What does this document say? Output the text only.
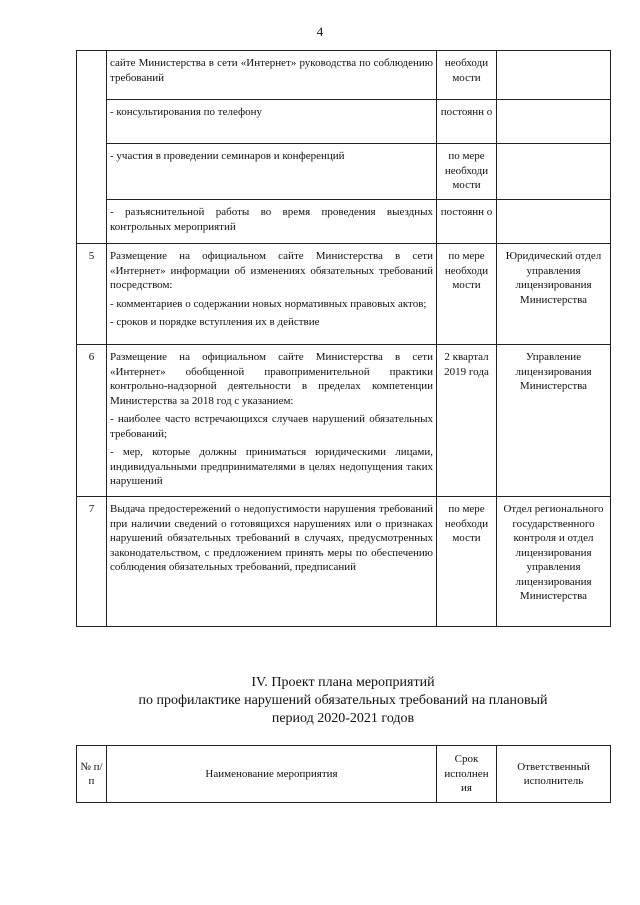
4

	сайте Министерства в сети «Интернет» руководства по соблюдению требований	необходи мости	

	- консультирования по телефону	постоянн о	

	- участия в проведении семинаров и конференций	по мере необходи мости	

	- разъяснительной работы во время проведения выездных контрольных мероприятий	постоянн о	
5	Размещение на официальном сайте Министерства в сети «Интернет» информации об изменениях обязательных требований посредством:

- комментариев о содержании новых нормативных правовых актов;

- сроков и порядке вступления их в действие	по мере необходи мости	Юридический отдел управления лицензирования Министерства
6	Размещение на официальном сайте Министерства в сети «Интернет» обобщенной правоприменительной практики контрольно-надзорной деятельности в пределах компетенции Министерства за 2018 год с указанием:

- наиболее часто встречающихся случаев нарушений обязательных требований;

- мер, которые должны приниматься юридическими лицами, индивидуальными предпринимателями в целях недопущения таких нарушений	2 квартал 2019 года	Управление лицензирования Министерства
7	Выдача предостережений о недопустимости нарушения требований при наличии сведений о готовящихся нарушениях или о признаках нарушений обязательных требований в случаях, предусмотренных законодательством, с предложением принять меры по обеспечению соблюдения обязательных требований, предписаний	по мере необходи мости	Отдел регионального государственного контроля и отдел лицензирования управления лицензирования Министерства
IV. Проект плана мероприятий
по профилактике нарушений обязательных требований на плановый
период 2020-2021 годов
№ п/п	Наименование мероприятия	Срок исполнен ия	Ответственный исполнитель
